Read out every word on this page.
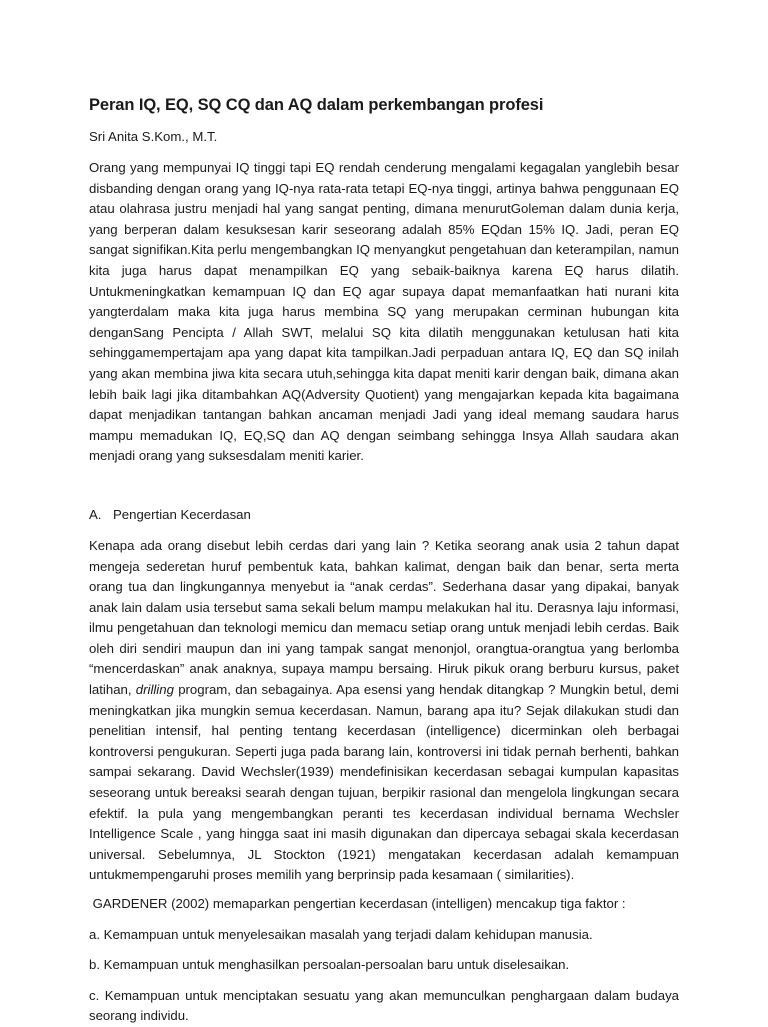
Peran IQ, EQ, SQ CQ dan AQ dalam perkembangan profesi

Sri Anita S.Kom., M.T.

Orang yang mempunyai IQ tinggi tapi EQ rendah cenderung mengalami kegagalan yanglebih besar disbanding dengan orang yang IQ-nya rata-rata tetapi EQ-nya tinggi, artinya bahwa penggunaan EQ atau olahrasa justru menjadi hal yang sangat penting, dimana menurutGoleman dalam dunia kerja, yang berperan dalam kesuksesan karir seseorang adalah 85% EQdan 15% IQ. Jadi, peran EQ sangat signifikan.Kita perlu mengembangkan IQ menyangkut pengetahuan dan keterampilan, namun kita juga harus dapat menampilkan EQ yang sebaik-baiknya karena EQ harus dilatih. Untukmeningkatkan kemampuan IQ dan EQ agar supaya dapat memanfaatkan hati nurani kita yangterdalam maka kita juga harus membina SQ yang merupakan cerminan hubungan kita denganSang Pencipta / Allah SWT, melalui SQ kita dilatih menggunakan ketulusan hati kita sehinggamempertajam apa yang dapat kita tampilkan.Jadi perpaduan antara IQ, EQ dan SQ inilah yang akan membina jiwa kita secara utuh,sehingga kita dapat meniti karir dengan baik, dimana akan lebih baik lagi jika ditambahkan AQ(Adversity Quotient) yang mengajarkan kepada kita bagaimana dapat menjadikan tantangan bahkan ancaman menjadi Jadi yang ideal memang saudara harus mampu memadukan IQ, EQ,SQ dan AQ dengan seimbang sehingga Insya Allah saudara akan menjadi orang yang suksesdalam meniti karier.

A. Pengertian Kecerdasan

Kenapa ada orang disebut lebih cerdas dari yang lain ? Ketika seorang anak usia 2 tahun dapat mengeja sederetan huruf pembentuk kata, bahkan kalimat, dengan baik dan benar, serta merta orang tua dan lingkungannya menyebut ia “anak cerdas”. Sederhana dasar yang dipakai, banyak anak lain dalam usia tersebut sama sekali belum mampu melakukan hal itu. Derasnya laju informasi, ilmu pengetahuan dan teknologi memicu dan memacu setiap orang untuk menjadi lebih cerdas. Baik oleh diri sendiri maupun dan ini yang tampak sangat menonjol, orangtua-orangtua yang berlomba “mencerdaskan” anak anaknya, supaya mampu bersaing. Hiruk pikuk orang berburu kursus, paket latihan, drilling program, dan sebagainya. Apa esensi yang hendak ditangkap ? Mungkin betul, demi meningkatkan jika mungkin semua kecerdasan. Namun, barang apa itu? Sejak dilakukan studi dan penelitian intensif, hal penting tentang kecerdasan (intelligence) dicerminkan oleh berbagai kontroversi pengukuran. Seperti juga pada barang lain, kontroversi ini tidak pernah berhenti, bahkan sampai sekarang. David Wechsler(1939) mendefinisikan kecerdasan sebagai kumpulan kapasitas seseorang untuk bereaksi searah dengan tujuan, berpikir rasional dan mengelola lingkungan secara efektif. Ia pula yang mengembangkan peranti tes kecerdasan individual bernama Wechsler Intelligence Scale , yang hingga saat ini masih digunakan dan dipercaya sebagai skala kecerdasan universal. Sebelumnya, JL Stockton (1921) mengatakan kecerdasan adalah kemampuan untukmempengaruhi proses memilih yang berprinsip pada kesamaan ( similarities).

GARDENER (2002) memaparkan pengertian kecerdasan (intelligen) mencakup tiga faktor :

a. Kemampuan untuk menyelesaikan masalah yang terjadi dalam kehidupan manusia.

b. Kemampuan untuk menghasilkan persoalan-persoalan baru untuk diselesaikan.

c. Kemampuan untuk menciptakan sesuatu yang akan memunculkan penghargaan dalam budaya seorang individu.
